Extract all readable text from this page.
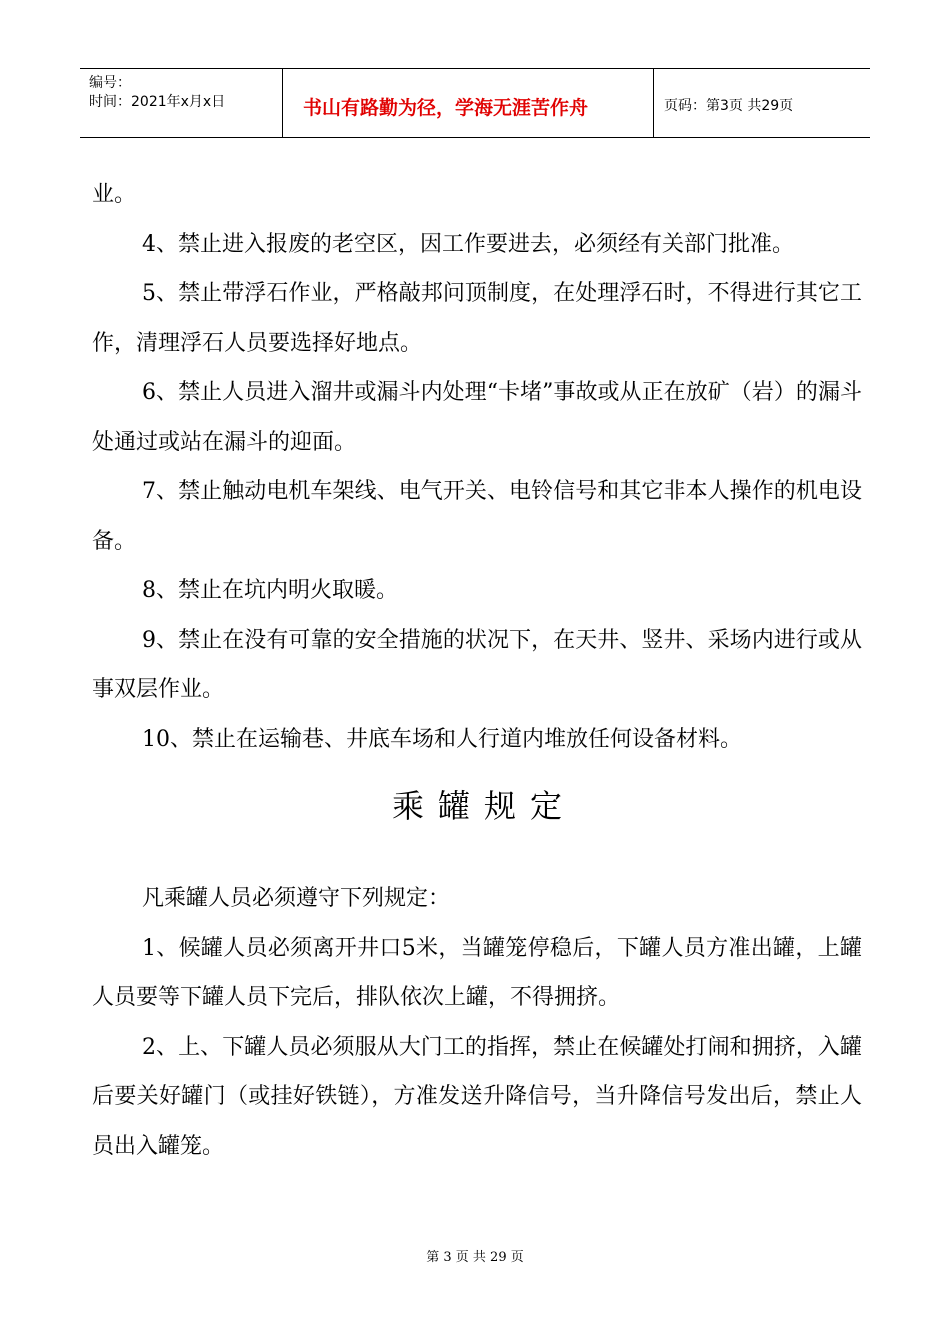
编号：
时间：2021年x月x日	书山有路勤为径，学海无涯苦作舟	页码：第3页 共29页

业。

4、禁止进入报废的老空区，因工作要进去，必须经有关部门批准。

5、禁止带浮石作业，严格敲邦问顶制度，在处理浮石时，不得进行其它工作，清理浮石人员要选择好地点。

6、禁止人员进入溜井或漏斗内处理“卡堵”事故或从正在放矿（岩）的漏斗处通过或站在漏斗的迎面。

7、禁止触动电机车架线、电气开关、电铃信号和其它非本人操作的机电设备。

8、禁止在坑内明火取暖。

9、禁止在没有可靠的安全措施的状况下，在天井、竖井、采场内进行或从事双层作业。

10、禁止在运输巷、井底车场和人行道内堆放任何设备材料。

乘罐规定

凡乘罐人员必须遵守下列规定：

1、候罐人员必须离开井口5米，当罐笼停稳后，下罐人员方准出罐，上罐人员要等下罐人员下完后，排队依次上罐，不得拥挤。

2、上、下罐人员必须服从大门工的指挥，禁止在候罐处打闹和拥挤，入罐后要关好罐门（或挂好铁链），方准发送升降信号，当升降信号发出后，禁止人员出入罐笼。

第 3 页 共 29 页
